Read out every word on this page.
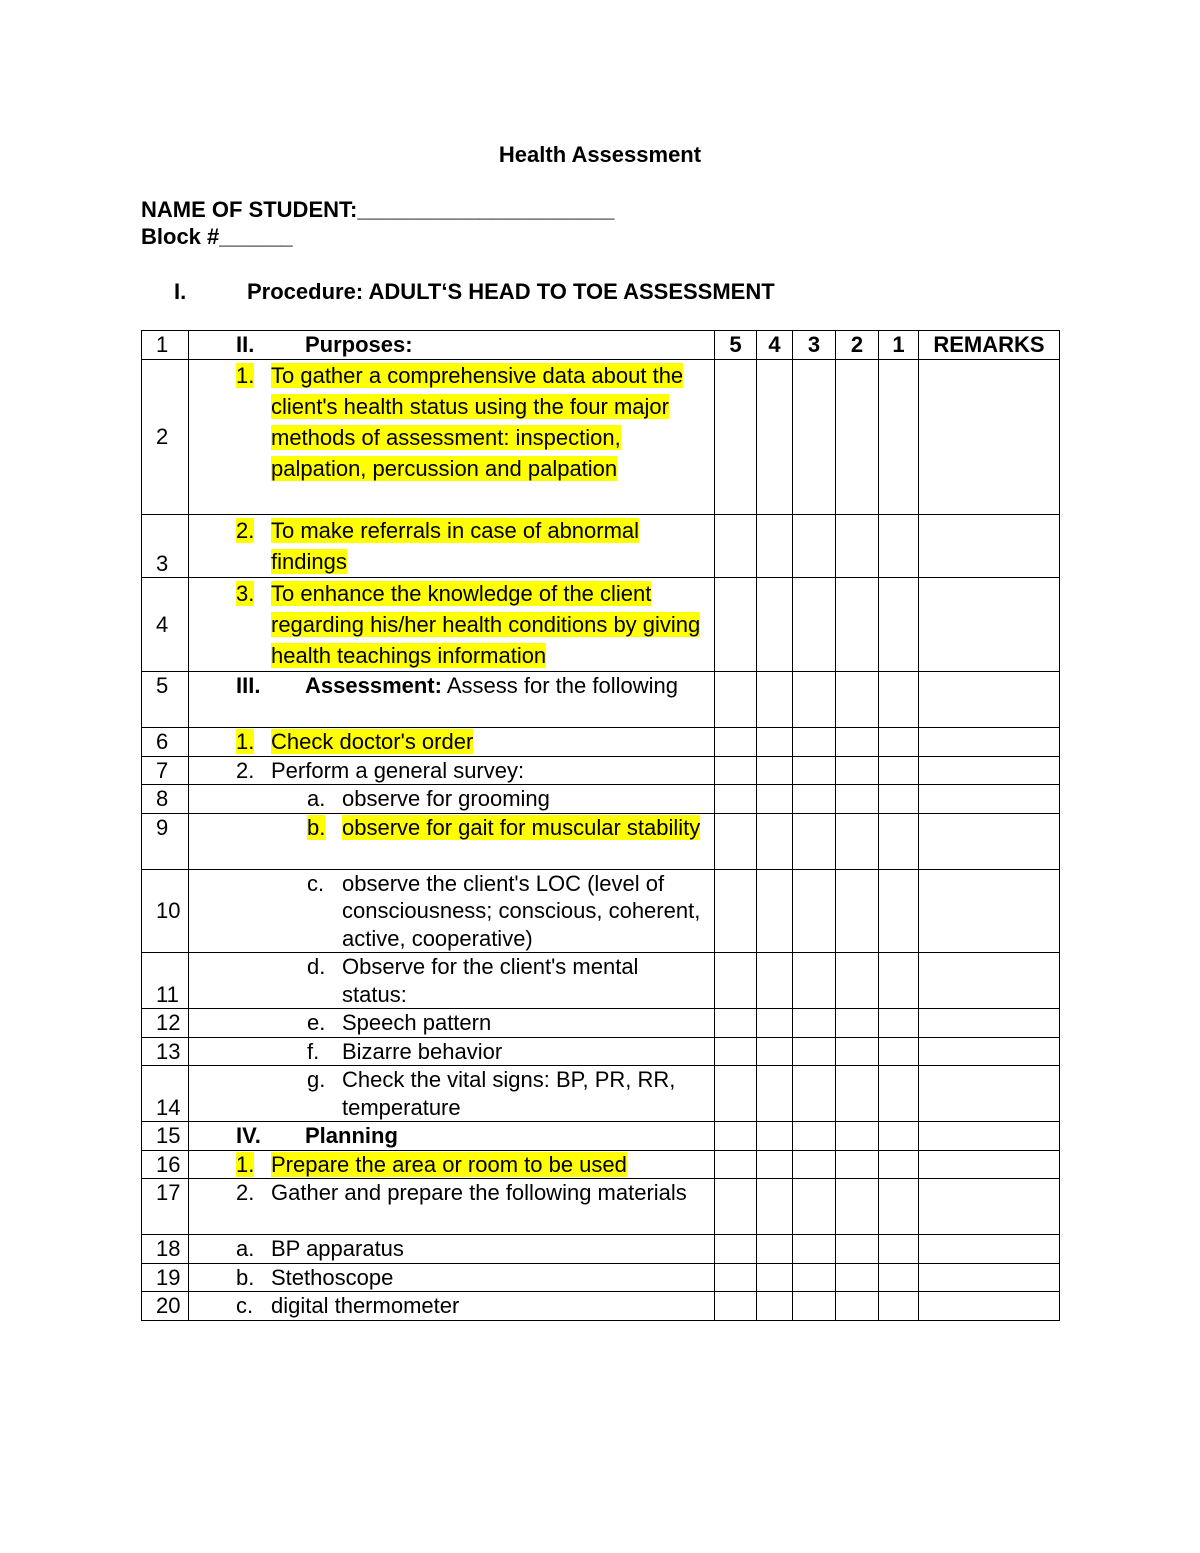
Health Assessment
NAME OF STUDENT:_____________________
Block #______
I.	Procedure: ADULT‘S HEAD TO TOE ASSESSMENT
1	II. Purposes:	5	4	3	2	1	REMARKS
2	1. To gather a comprehensive data about the client's health status using the four major methods of assessment: inspection, palpation, percussion and palpation						

3	2. To make referrals in case of abnormal findings						

4	3. To enhance the knowledge of the client regarding his/her health conditions by giving health teachings information						

5	III. Assessment: Assess for the following						

6	1. Check doctor's order						

7	2. Perform a general survey:						

8	a. observe for grooming						

9	b. observe for gait for muscular stability						

10	c. observe the client's LOC (level of consciousness; conscious, coherent, active, cooperative)						

11	d. Observe for the client's mental status:						

12	e. Speech pattern						

13	f. Bizarre behavior						

14	g. Check the vital signs: BP, PR, RR, temperature						

15	IV. Planning						

16	1. Prepare the area or room to be used						

17	2. Gather and prepare the following materials						

18	a. BP apparatus						

19	b. Stethoscope						

20	c. digital thermometer						
